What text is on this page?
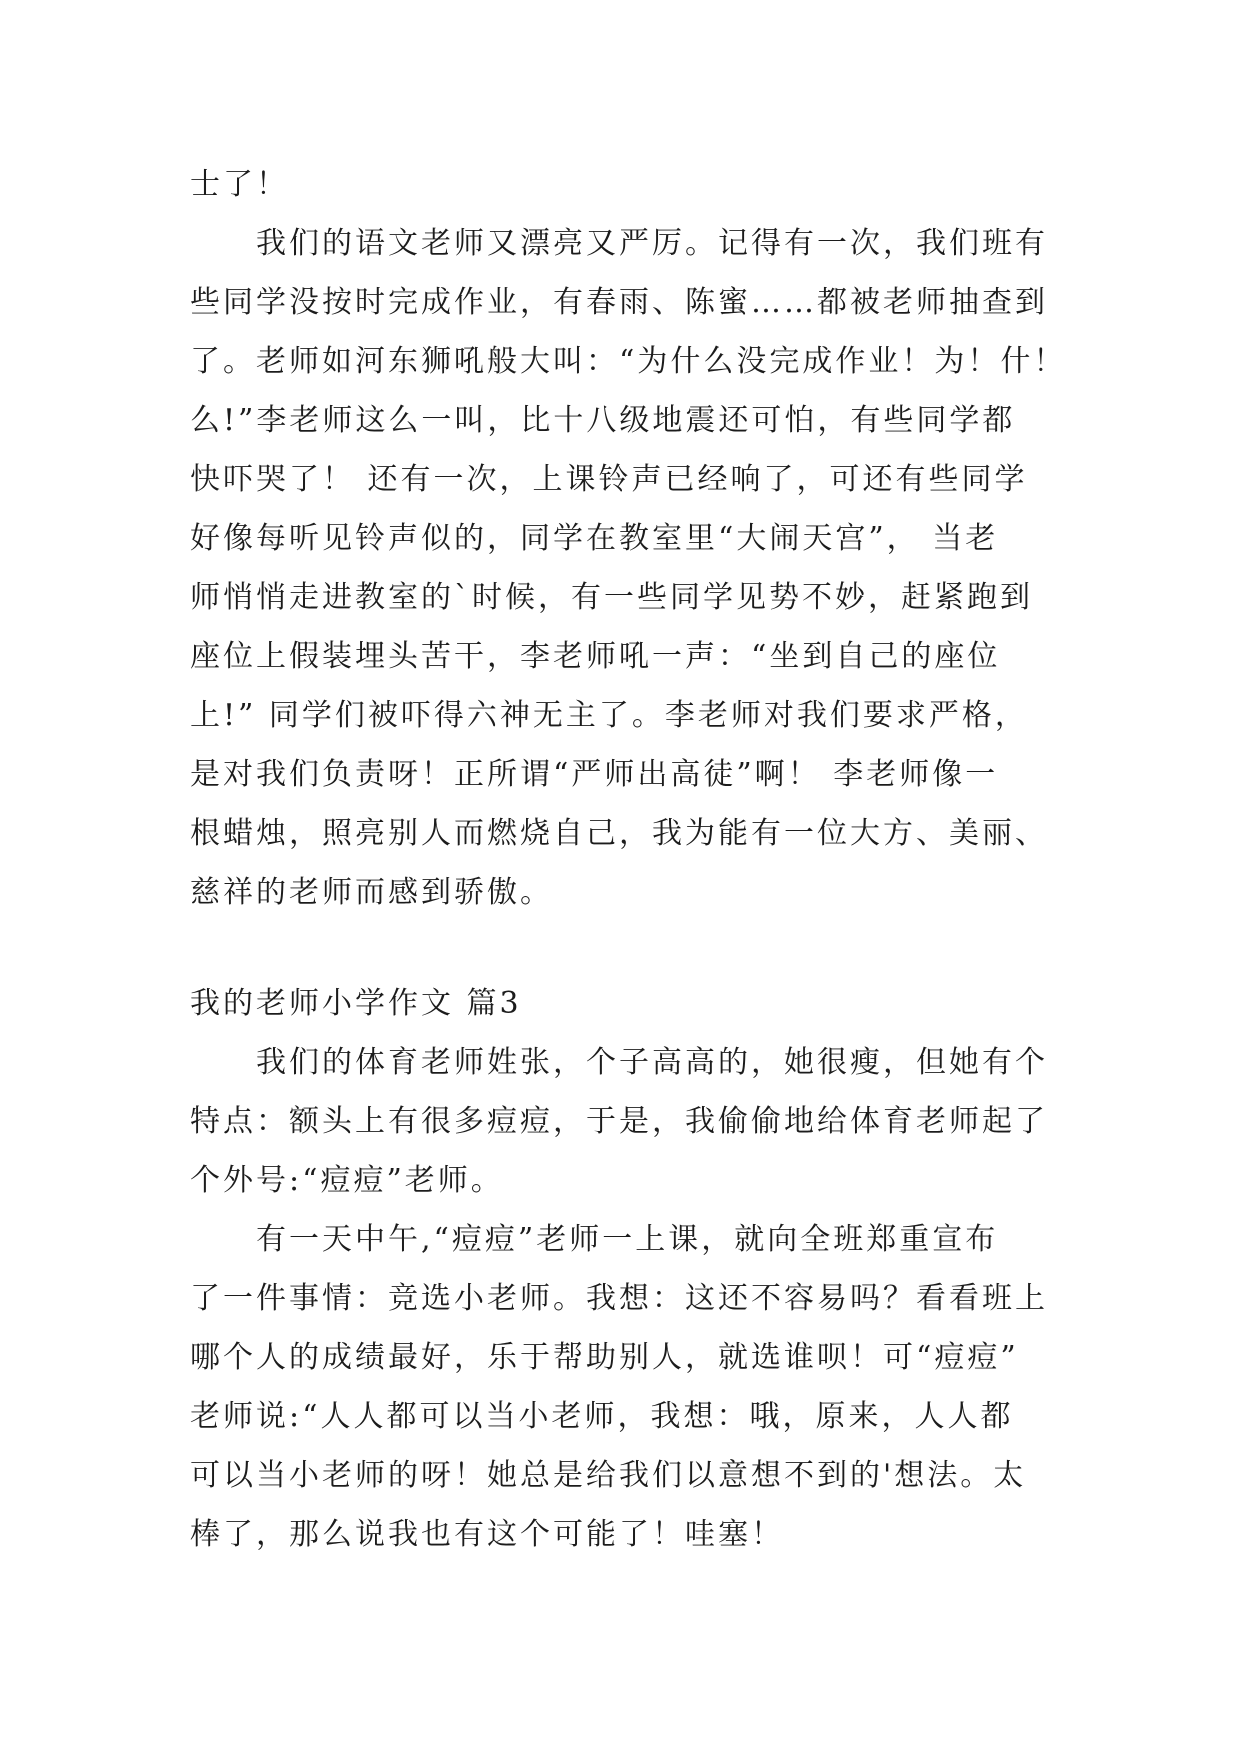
士了！
我们的语文老师又漂亮又严厉。记得有一次，我们班有
些同学没按时完成作业，有春雨、陈蜜……都被老师抽查到
了。老师如河东狮吼般大叫：“为什么没完成作业！为！什！
么!”李老师这么一叫，比十八级地震还可怕，有些同学都
快吓哭了！ 还有一次，上课铃声已经响了，可还有些同学
好像每听见铃声似的，同学在教室里“大闹天宫”， 当老
师悄悄走进教室的`时候，有一些同学见势不妙，赶紧跑到
座位上假装埋头苦干，李老师吼一声：“坐到自己的座位
上!” 同学们被吓得六神无主了。李老师对我们要求严格，
是对我们负责呀！正所谓“严师出高徒”啊！ 李老师像一
根蜡烛，照亮别人而燃烧自己，我为能有一位大方、美丽、
慈祥的老师而感到骄傲。
我的老师小学作文 篇3
我们的体育老师姓张，个子高高的，她很瘦，但她有个
特点：额头上有很多痘痘，于是，我偷偷地给体育老师起了
个外号:“痘痘”老师。
有一天中午,“痘痘”老师一上课，就向全班郑重宣布
了一件事情：竞选小老师。我想：这还不容易吗？看看班上
哪个人的成绩最好，乐于帮助别人，就选谁呗！可“痘痘”
老师说:“人人都可以当小老师，我想：哦，原来，人人都
可以当小老师的呀！她总是给我们以意想不到的'想法。太
棒了，那么说我也有这个可能了！哇塞！
